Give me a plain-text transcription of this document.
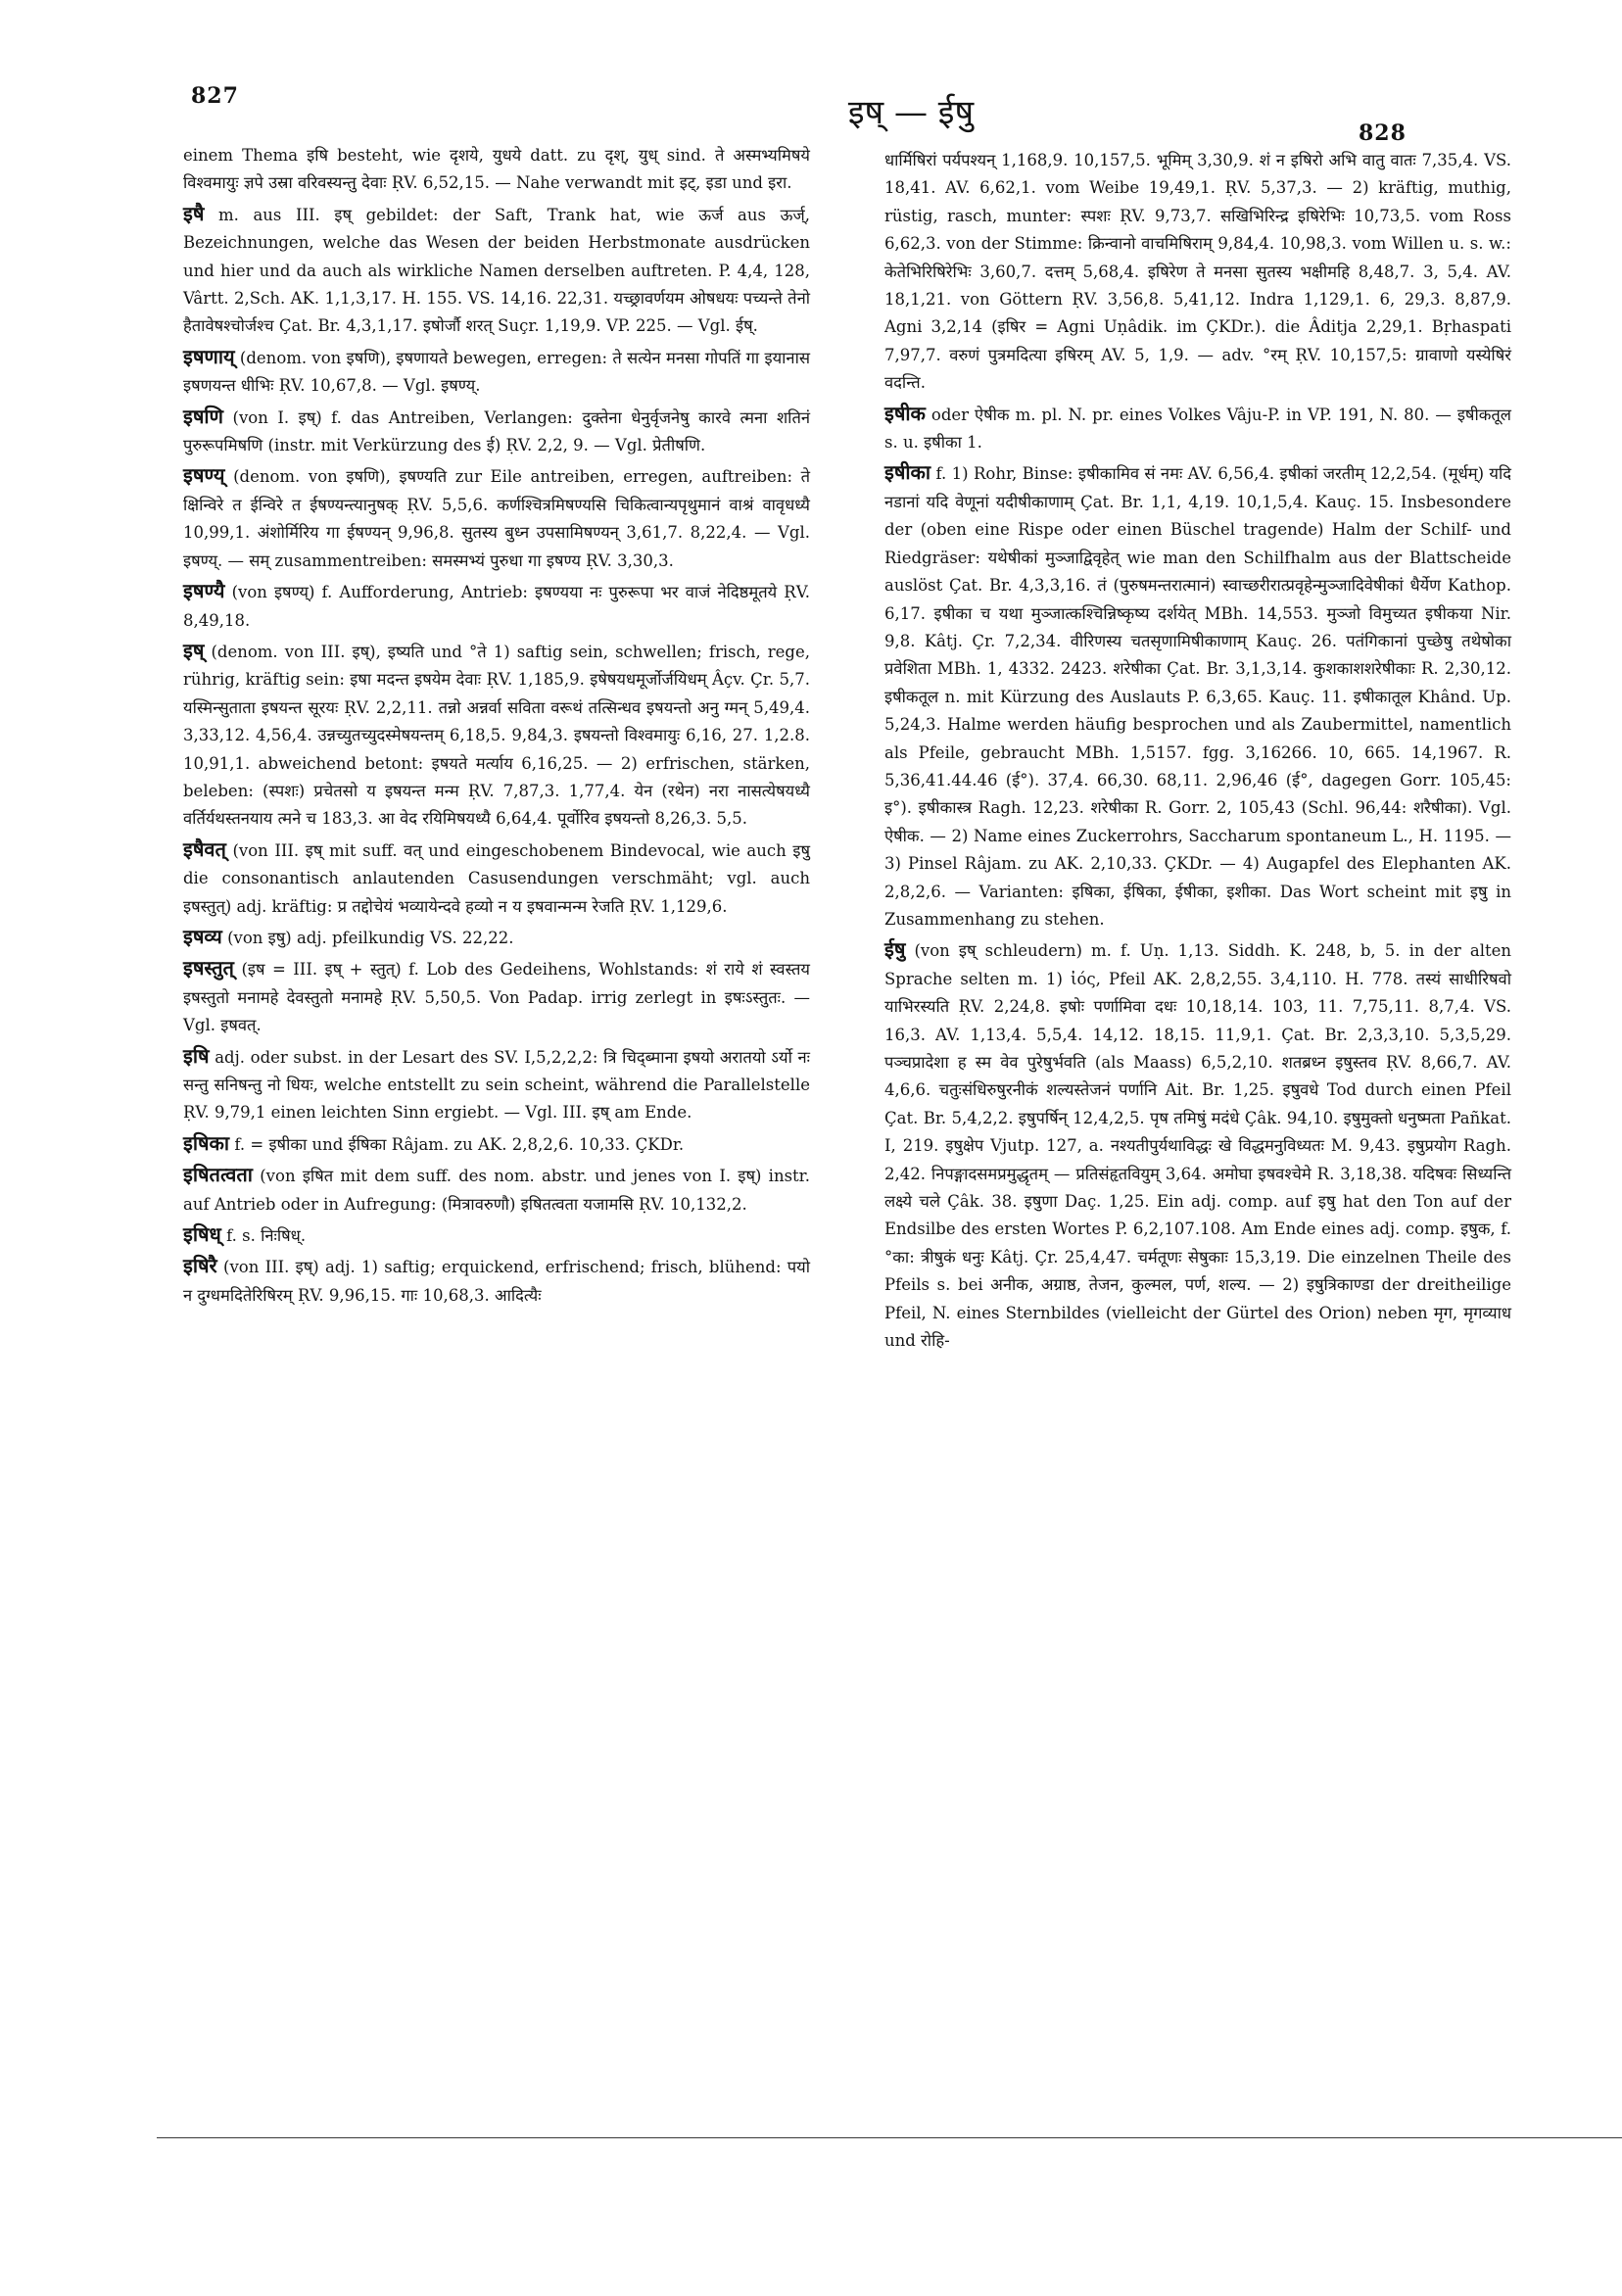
827	इष् — ईषु
828

einem Thema इषि besteht, wie दृशये, युधये datt. zu दृश्, युध् sind. ते अस्मभ्यमिषये विश्वमायुः ज्ञपे उस्रा वरिवस्यन्तु देवाः ṚV. 6,52,15. — Nahe verwandt mit इट्, इडा und इरा.

इषै m. aus III. इष् gebildet: der Saft, Trank hat, wie ऊर्ज aus ऊर्ज्, Bezeichnungen, welche das Wesen der beiden Herbstmonate ausdrücken und hier und da auch als wirkliche Namen derselben auftreten. P. 4,4, 128, Vârtt. 2,Sch. AK. 1,1,3,17. H. 155. VS. 14,16. 22,31. यच्छ्रावर्णयम ओषधयः पच्यन्ते तेनो हैतावेषश्चोर्जश्च Çat. Br. 4,3,1,17. इषोर्जौ शरत् Suçr. 1,19,9. VP. 225. — Vgl. ईष्.

इषणाय् (denom. von इषणि), इषणायते bewegen, erregen: ते सत्येन मनसा गोपतिं गा इयानास इषणयन्त धीभिः ṚV. 10,67,8. — Vgl. इषण्य्.

इषणि (von I. इष्) f. das Antreiben, Verlangen: दुक्तेना धेनुर्वृजनेषु कारवे त्मना शतिनं पुरुरूपमिषणि (instr. mit Verkürzung des ई) ṚV. 2,2, 9. — Vgl. प्रेतीषणि.

इषण्य् (denom. von इषणि), इषण्यति zur Eile antreiben, erregen, auftreiben: ते क्षिन्विरे त ईन्विरे त ईषण्यन्त्यानुषक् ṚV. 5,5,6. कर्णश्चित्रमिषण्यसि चिकित्वान्यपृथुमानं वाश्रं वावृधध्यै 10,99,1. अंशोर्मिरिय गा ईषण्यन् 9,96,8. सुतस्य बुध्न उपसामिषण्यन् 3,61,7. 8,22,4. — Vgl. इषण्य्. — सम् zusammentreiben: समस्मभ्यं पुरुधा गा इषण्य ṚV. 3,30,3.

इषण्यै (von इषण्य्) f. Aufforderung, Antrieb: इषण्यया नः पुरुरूपा भर वाजं नेदिष्ठमूतये ṚV. 8,49,18.

इष् (denom. von III. इष्), इष्यति und °ते 1) saftig sein, schwellen; frisch, rege, rührig, kräftig sein: इषा मदन्त इषयेम देवाः ṚV. 1,185,9. इषेषयधमूर्जोर्जयिधम् Âçv. Çr. 5,7. यस्मिन्सुताता इषयन्त सूरयः ṚV. 2,2,11. तन्नो अन्नर्वा सविता वरूथं तत्सिन्धव इषयन्तो अनु ग्मन् 5,49,4. 3,33,12. 4,56,4. उन्नच्युतच्युदस्मेषयन्तम् 6,18,5. 9,84,3. इषयन्तो विश्वमायुः 6,16, 27. 1,2.8. 10,91,1. abweichend betont: इषयते मर्त्याय 6,16,25. — 2) erfrischen, stärken, beleben: (स्पशः) प्रचेतसो य इषयन्त मन्म ṚV. 7,87,3. 1,77,4. येन (रथेन) नरा नासत्येषयध्यै वर्तिर्यथस्तनयाय त्मने च 183,3. आ वेद रयिमिषयध्यै 6,64,4. पूर्वोरिव इषयन्तो 8,26,3. 5,5.

इषैवत् (von III. इष् mit suff. वत् und eingeschobenem Bindevocal, wie auch इषु die consonantisch anlautenden Casusendungen verschmäht; vgl. auch इषस्तुत्) adj. kräftig: प्र तद्दोचेयं भव्यायेन्दवे हव्यो न य इषवान्मन्म रेजति ṚV. 1,129,6.

इषव्य (von इषु) adj. pfeilkundig VS. 22,22.

इषस्तुत् (इष = III. इष् + स्तुत्) f. Lob des Gedeihens, Wohlstands: शं राये शं स्वस्तय इषस्तुतो मनामहे देवस्तुतो मनामहे ṚV. 5,50,5. Von Padap. irrig zerlegt in इषःऽस्तुतः. — Vgl. इषवत्.

इषि adj. oder subst. in der Lesart des SV. I,5,2,2,2: त्रि चिद्ब्माना इषयो अरातयो ऽर्यो नः सन्तु सनिषन्तु नो धियः, welche entstellt zu sein scheint, während die Parallelstelle ṚV. 9,79,1 einen leichten Sinn ergiebt. — Vgl. III. इष् am Ende.

इषिका f. = इषीका und ईषिका Râjam. zu AK. 2,8,2,6. 10,33. ÇKDr.

इषितत्वता (von इषित mit dem suff. des nom. abstr. und jenes von I. इष्) instr. auf Antrieb oder in Aufregung: (मित्रावरुणौ) इषितत्वता यजामसि ṚV. 10,132,2.

इषिध् f. s. निःषिध्.

इषिरै (von III. इष्) adj. 1) saftig; erquickend, erfrischend; frisch, blühend: पयो न दुग्धमदितेरिषिरम् ṚV. 9,96,15. गाः 10,68,3. आदित्यैः

धार्मिषिरां पर्यपश्यन् 1,168,9. 10,157,5. भूमिम् 3,30,9. शं न इषिरो अभि वातु वातः 7,35,4. VS. 18,41. AV. 6,62,1. vom Weibe 19,49,1. ṚV. 5,37,3. — 2) kräftig, muthig, rüstig, rasch, munter: स्पशः ṚV. 9,73,7. सखिभिरिन्द्र इषिरेभिः 10,73,5. vom Ross 6,62,3. von der Stimme: क्रिन्वानो वाचमिषिराम् 9,84,4. 10,98,3. vom Willen u. s. w.: केतेभिरिषिरेभिः 3,60,7. दत्तम् 5,68,4. इषिरेण ते मनसा सुतस्य भक्षीमहि 8,48,7. 3, 5,4. AV. 18,1,21. von Göttern ṚV. 3,56,8. 5,41,12. Indra 1,129,1. 6, 29,3. 8,87,9. Agni 3,2,14 (इषिर = Agni Uṇâdik. im ÇKDr.). die Âditja 2,29,1. Bṛhaspati 7,97,7. वरुणं पुत्रमदित्या इषिरम् AV. 5, 1,9. — adv. °रम् ṚV. 10,157,5: ग्रावाणो यस्येषिरं वदन्ति.

इषीक oder ऐषीक m. pl. N. pr. eines Volkes Vâju-P. in VP. 191, N. 80. — इषीकतूल s. u. इषीका 1.

इषीका f. 1) Rohr, Binse: इषीकामिव सं नमः AV. 6,56,4. इषीकां जरतीम् 12,2,54. (मूर्धम्) यदि नडानां यदि वेणूनां यदीषीकाणाम् Çat. Br. 1,1, 4,19. 10,1,5,4. Kauç. 15. Insbesondere der (oben eine Rispe oder einen Büschel tragende) Halm der Schilf- und Riedgräser: यथेषीकां मुञ्जाद्विवृहेत् wie man den Schilfhalm aus der Blattscheide auslöst Çat. Br. 4,3,3,16. तं (पुरुषमन्तरात्मानं) स्वाच्छरीरात्प्रवृहेन्मुञ्जादिवेषीकां धैर्येण Kathop. 6,17. इषीका च यथा मुञ्जात्कश्चिन्निष्कृष्य दर्शयेत् MBh. 14,553. मुञ्जो विमुच्यत इषीकया Nir. 9,8. Kâtj. Çr. 7,2,34. वीरिणस्य चतसृणामिषीकाणाम् Kauç. 26. पतंगिकानां पुच्छेषु तथेषोका प्रवेशिता MBh. 1, 4332. 2423. शरेषीका Çat. Br. 3,1,3,14. कुशकाशशरेषीकाः R. 2,30,12. इषीकतूल n. mit Kürzung des Auslauts P. 6,3,65. Kauç. 11. इषीकातूल Khând. Up. 5,24,3. Halme werden häufig besprochen und als Zaubermittel, namentlich als Pfeile, gebraucht MBh. 1,5157. fgg. 3,16266. 10, 665. 14,1967. R. 5,36,41.44.46 (ई°). 37,4. 66,30. 68,11. 2,96,46 (ई°, dagegen Gorr. 105,45: इ°). इषीकास्त्र Ragh. 12,23. शरेषीका R. Gorr. 2, 105,43 (Schl. 96,44: शरैषीका). Vgl. ऐषीक. — 2) Name eines Zuckerrohrs, Saccharum spontaneum L., H. 1195. — 3) Pinsel Râjam. zu AK. 2,10,33. ÇKDr. — 4) Augapfel des Elephanten AK. 2,8,2,6. — Varianten: इषिका, ईषिका, ईषीका, इशीका. Das Wort scheint mit इषु in Zusammenhang zu stehen.

ईषु (von इष् schleudern) m. f. Uṇ. 1,13. Siddh. K. 248, b, 5. in der alten Sprache selten m. 1) ἰός, Pfeil AK. 2,8,2,55. 3,4,110. H. 778. तस्यं साधीरिषवो याभिरस्यति ṚV. 2,24,8. इषोः पर्णामिवा दधः 10,18,14. 103, 11. 7,75,11. 8,7,4. VS. 16,3. AV. 1,13,4. 5,5,4. 14,12. 18,15. 11,9,1. Çat. Br. 2,3,3,10. 5,3,5,29. पञ्चप्रादेशा ह स्म वेव पुरेषुर्भवति (als Maass) 6,5,2,10. शतब्रध्न इषुस्तव ṚV. 8,66,7. AV. 4,6,6. चतुःसंधिरुषुरनीकं शल्यस्तेजनं पर्णानि Ait. Br. 1,25. इषुवधे Tod durch einen Pfeil Çat. Br. 5,4,2,2. इषुपर्षिन् 12,4,2,5. पृष तमिषुं मदंधे Çâk. 94,10. इषुमुक्तो धनुष्मता Pañkat. I, 219. इषुक्षेप Vjutp. 127, a. नश्यतीपुर्यथाविद्धः खे विद्धमनुविध्यतः M. 9,43. इषुप्रयोग Ragh. 2,42. निपङ्गादसमप्रमुद्धृतम् — प्रतिसंहृतवियुम् 3,64. अमोघा इषवश्चेमे R. 3,18,38. यदिषवः सिध्यन्ति लक्ष्ये चले Çâk. 38. इषुणा Daç. 1,25. Ein adj. comp. auf इषु hat den Ton auf der Endsilbe des ersten Wortes P. 6,2,107.108. Am Ende eines adj. comp. इषुक, f. °का: त्रीषुकं धनुः Kâtj. Çr. 25,4,47. चर्मतूणः सेषुकाः 15,3,19. Die einzelnen Theile des Pfeils s. bei अनीक, अग्राष्ठ, तेजन, कुल्मल, पर्ण, शल्य. — 2) इषुत्रिकाण्डा der dreitheilige Pfeil, N. eines Sternbildes (vielleicht der Gürtel des Orion) neben मृग, मृगव्याध und रोहि-
